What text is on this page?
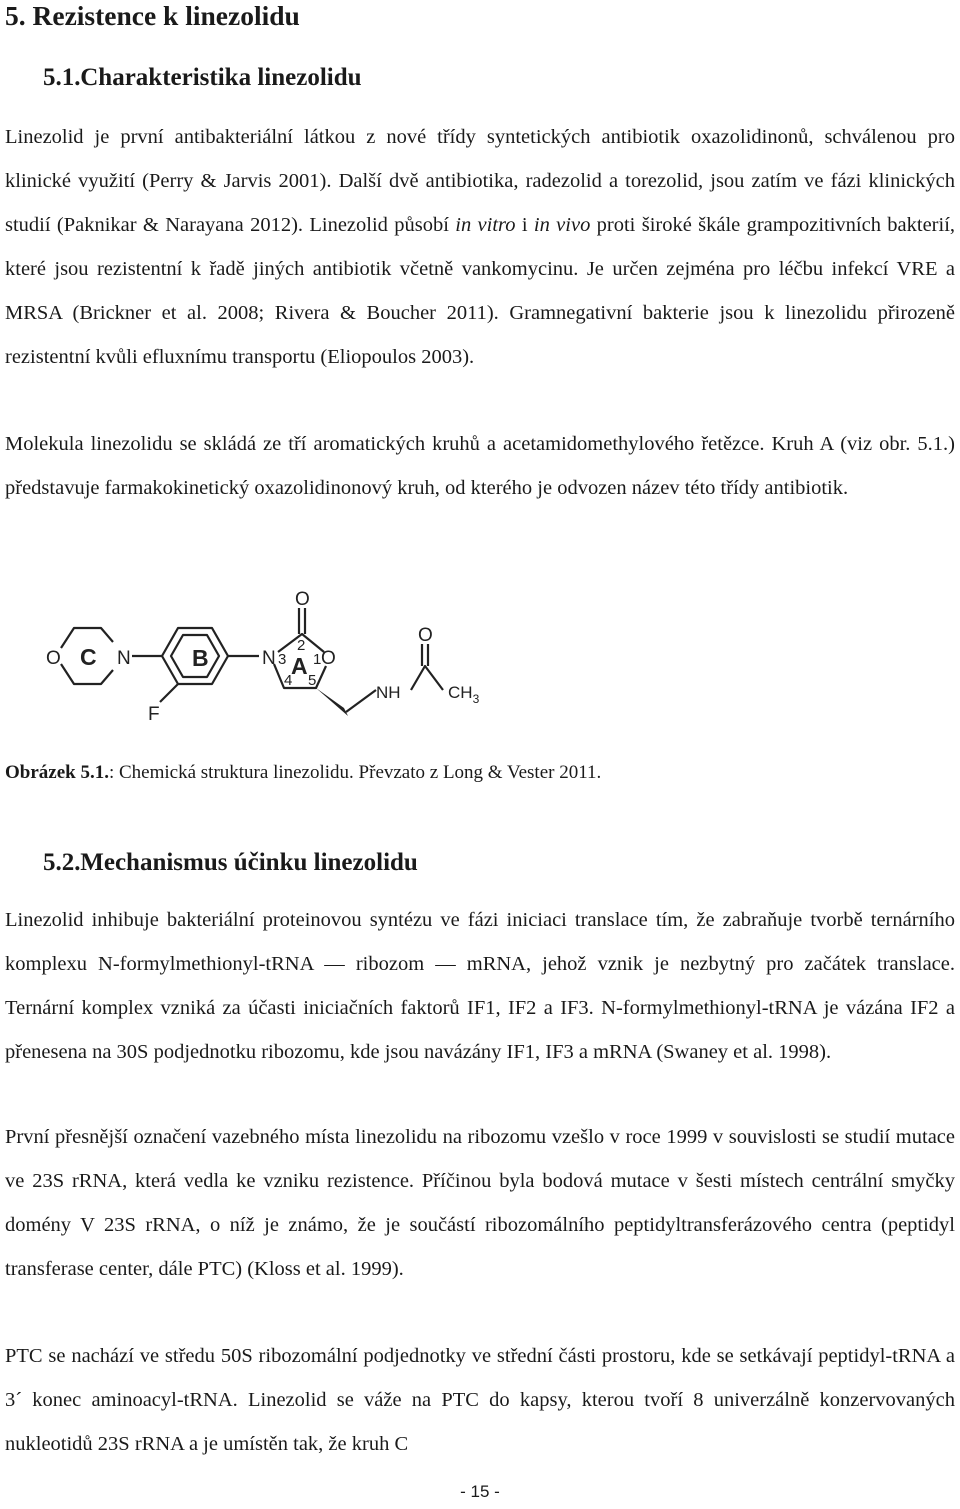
5. Rezistence k linezolidu
5.1. Charakteristika linezolidu

Linezolid je první antibakteriální látkou z nové třídy syntetických antibiotik oxazolidinonů, schválenou pro klinické využití (Perry & Jarvis 2001). Další dvě antibiotika, radezolid a torezolid, jsou zatím ve fázi klinických studií (Paknikar & Narayana 2012). Linezolid působí in vitro i in vivo proti široké škále grampozitivních bakterií, které jsou rezistentní k řadě jiných antibiotik včetně vankomycinu. Je určen zejména pro léčbu infekcí VRE a MRSA (Brickner et al. 2008; Rivera & Boucher 2011). Gramnegativní bakterie jsou k linezolidu přirozeně rezistentní kvůli efluxnímu transportu (Eliopoulos 2003).

Molekula linezolidu se skládá ze tří aromatických kruhů a acetamidomethylového řetězce. Kruh A (viz obr. 5.1.) představuje farmakokinetický oxazolidinonový kruh, od kterého je odvozen název této třídy antibiotik.

O C N	B
F
N 3
2
A 1 O
4 5
O
NH
O
$CH_3$

Obrázek 5.1.: Chemická struktura linezolidu. Převzato z Long & Vester 2011.

5.2. Mechanismus účinku linezolidu

Linezolid inhibuje bakteriální proteinovou syntézu ve fázi iniciaci translace tím, že zabraňuje tvorbě ternárního komplexu N-formylmethionyl-tRNA — ribozom — mRNA, jehož vznik je nezbytný pro začátek translace. Ternární komplex vzniká za účasti iniciačních faktorů IF1, IF2 a IF3. N-formylmethionyl-tRNA je vázána IF2 a přenesena na 30S podjednotku ribozomu, kde jsou navázány IF1, IF3 a mRNA (Swaney et al. 1998).

První přesnější označení vazebného místa linezolidu na ribozomu vzešlo v roce 1999 v souvislosti se studií mutace ve 23S rRNA, která vedla ke vzniku rezistence. Příčinou byla bodová mutace v šesti místech centrální smyčky domény V 23S rRNA, o níž je známo, že je součástí ribozomálního peptidyltransferázového centra (peptidyl transferase center, dále PTC) (Kloss et al. 1999).

PTC se nachází ve středu 50S ribozomální podjednotky ve střední části prostoru, kde se setkávají peptidyl-tRNA a 3´ konec aminoacyl-tRNA. Linezolid se váže na PTC do kapsy, kterou tvoří 8 univerzálně konzervovaných nukleotidů 23S rRNA a je umístěn tak, že kruh C

- 15 -
